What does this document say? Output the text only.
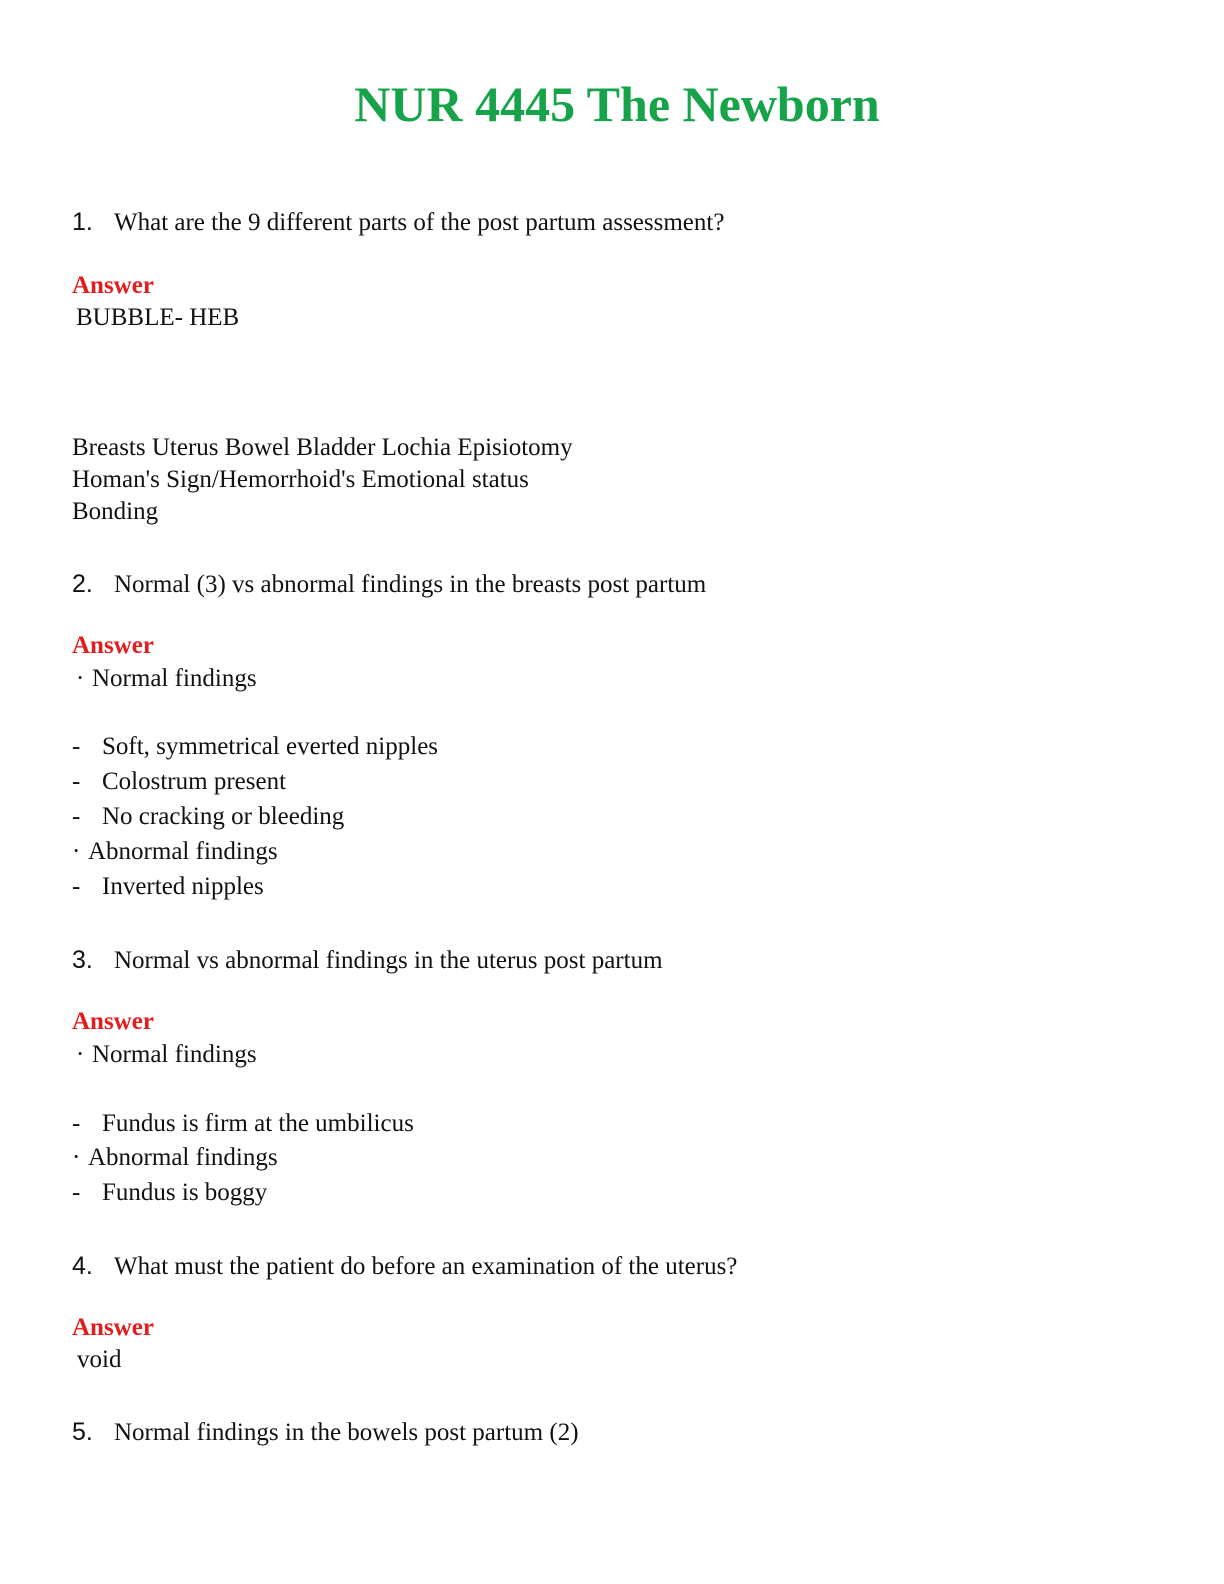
NUR 4445 The Newborn
1. What are the 9 different parts of the post partum assessment?
Answer
BUBBLE- HEB
Breasts Uterus Bowel Bladder Lochia Episiotomy
Homan's Sign/Hemorrhoid's Emotional status
Bonding
2. Normal (3) vs abnormal findings in the breasts post partum
Answer
· Normal findings
- Soft, symmetrical everted nipples
- Colostrum present
- No cracking or bleeding
· Abnormal findings
- Inverted nipples
3. Normal vs abnormal findings in the uterus post partum
Answer
· Normal findings
- Fundus is firm at the umbilicus
· Abnormal findings
- Fundus is boggy
4. What must the patient do before an examination of the uterus?
Answer
void
5. Normal findings in the bowels post partum (2)
